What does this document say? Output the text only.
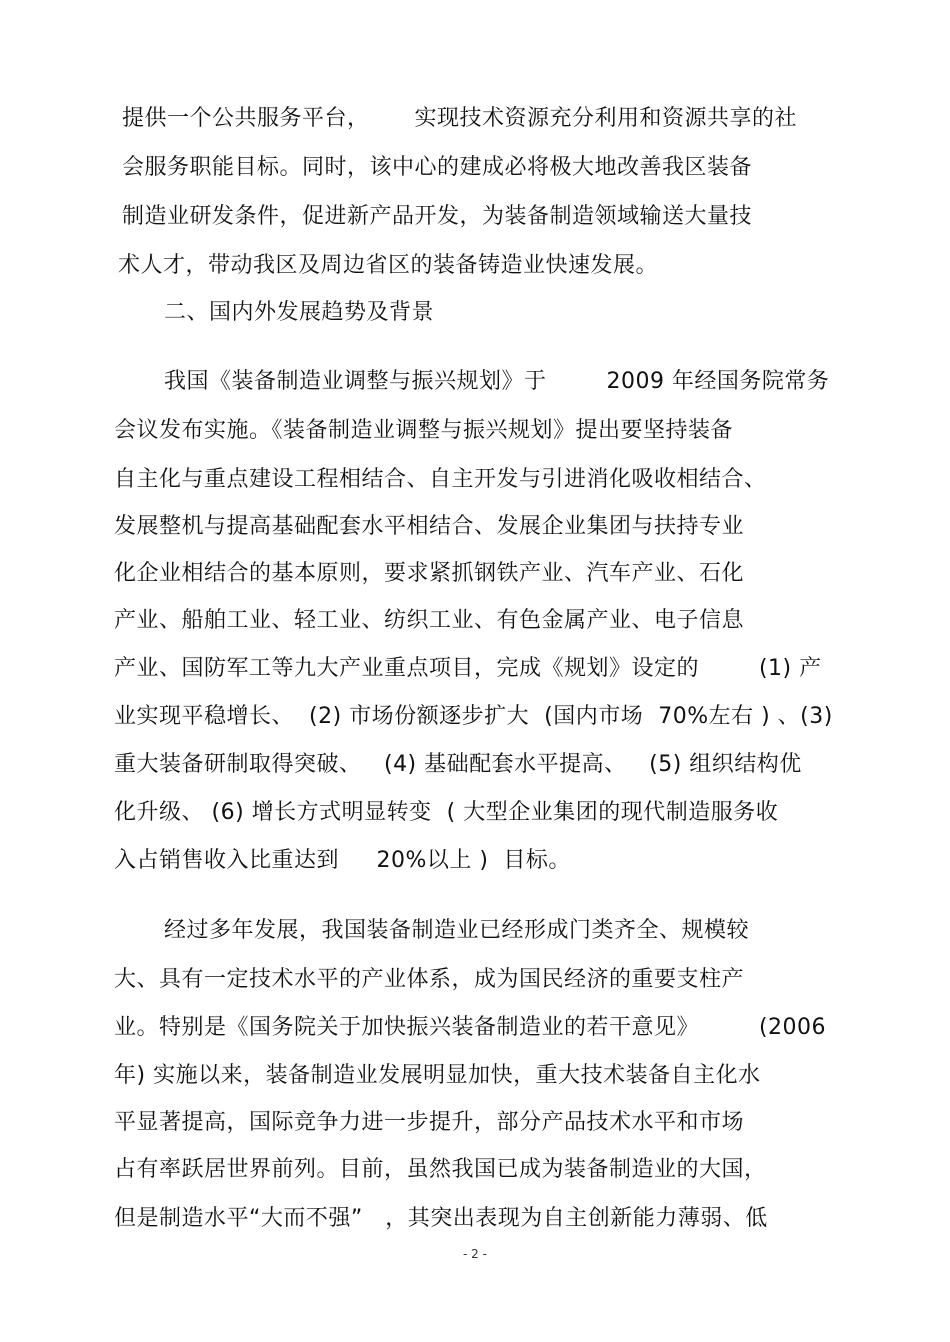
提供一个公共服务平台，      实现技术资源充分利用和资源共享的社
会服务职能目标。同时，该中心的建成必将极大地改善我区装备
制造业研发条件，促进新产品开发，为装备制造领域输送大量技
术人才，带动我区及周边省区的装备铸造业快速发展。
二、国内外发展趋势及背景
我国《装备制造业调整与振兴规划》于        2009 年经国务院常务
会议发布实施。《装备制造业调整与振兴规划》提出要坚持装备
自主化与重点建设工程相结合、自主开发与引进消化吸收相结合、
发展整机与提高基础配套水平相结合、发展企业集团与扶持专业
化企业相结合的基本原则，要求紧抓钢铁产业、汽车产业、石化
产业、船舶工业、轻工业、纺织工业、有色金属产业、电子信息
产业、国防军工等九大产业重点项目，完成《规划》设定的        (1) 产
业实现平稳增长、  (2) 市场份额逐步扩大  (国内市场  70%左右 ) 、(3)
重大装备研制取得突破、   (4) 基础配套水平提高、   (5) 组织结构优
化升级、 (6) 增长方式明显转变  ( 大型企业集团的现代制造服务收
入占销售收入比重达到     20%以上 )  目标。
经过多年发展，我国装备制造业已经形成门类齐全、规模较
大、具有一定技术水平的产业体系，成为国民经济的重要支柱产
业。特别是《国务院关于加快振兴装备制造业的若干意见》        (2006
年) 实施以来，装备制造业发展明显加快，重大技术装备自主化水
平显著提高，国际竞争力进一步提升，部分产品技术水平和市场
占有率跃居世界前列。目前，虽然我国已成为装备制造业的大国，
但是制造水平“大而不强”   ，其突出表现为自主创新能力薄弱、低
- 2 -
